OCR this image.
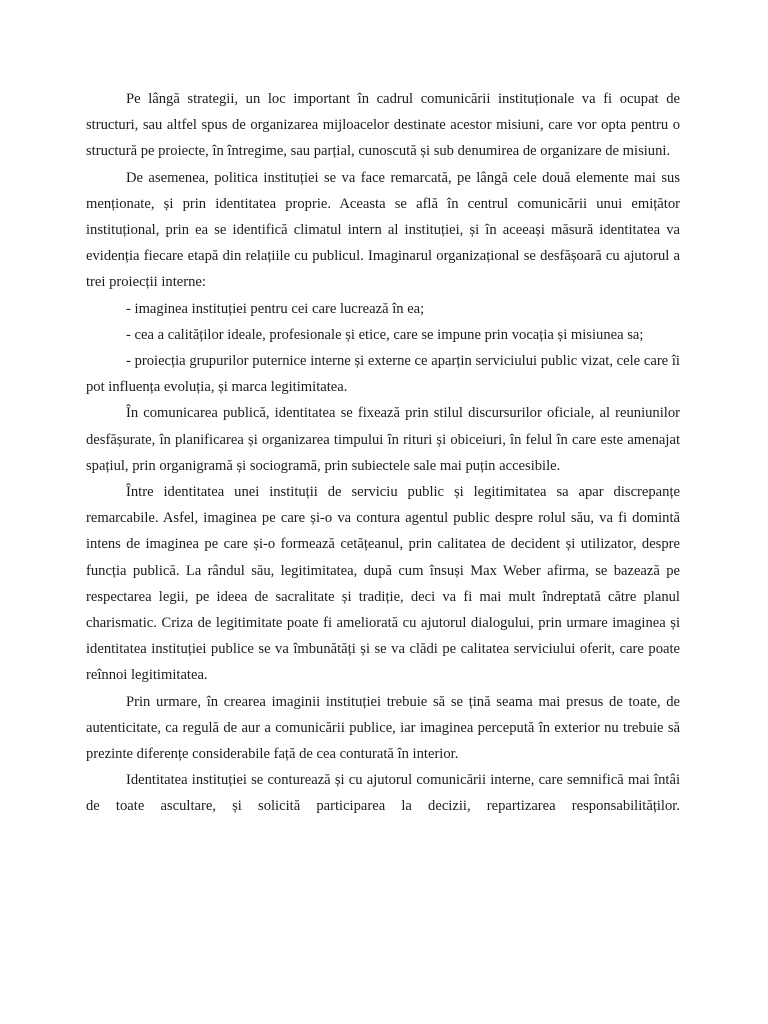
Pe lângă strategii, un loc important în cadrul comunicării instituționale va fi ocupat de structuri, sau altfel spus de organizarea mijloacelor destinate acestor misiuni, care vor opta pentru o structură pe proiecte, în întregime, sau parțial, cunoscută și sub denumirea de organizare de misiuni.

De asemenea, politica instituției se va face remarcată, pe lângă cele două elemente mai sus menționate, și prin identitatea proprie. Aceasta se află în centrul comunicării unui emițător instituțional, prin ea se identifică climatul intern al instituției, și în aceeași măsură identitatea va evidenția fiecare etapă din relațiile cu publicul. Imaginarul organizațional se desfășoară cu ajutorul a trei proiecții interne:

- imaginea instituției pentru cei care lucrează în ea;

- cea a calităților ideale, profesionale și etice, care se impune prin vocația și misiunea sa;

- proiecția grupurilor puternice interne și externe ce aparțin serviciului public vizat, cele care îi pot influența evoluția, și marca legitimitatea.

În comunicarea publică, identitatea se fixează prin stilul discursurilor oficiale, al reuniunilor desfășurate, în planificarea și organizarea timpului în rituri și obiceiuri, în felul în care este amenajat spațiul, prin organigramă și sociogramă, prin subiectele sale mai puțin accesibile.

Între identitatea unei instituții de serviciu public și legitimitatea sa apar discrepanțe remarcabile. Asfel, imaginea pe care și-o va contura agentul public despre rolul său, va fi domintă intens de imaginea pe care și-o formează cetățeanul, prin calitatea de decident și utilizator, despre funcția publică. La rândul său, legitimitatea, după cum însuși Max Weber afirma, se bazează pe respectarea legii, pe ideea de sacralitate și tradiție, deci va fi mai mult îndreptată către planul charismatic. Criza de legitimitate poate fi ameliorată cu ajutorul dialogului, prin urmare imaginea și identitatea instituției publice se va îmbunătăți și se va clădi pe calitatea serviciului oferit, care poate reînnoi legitimitatea.

Prin urmare, în crearea imaginii instituției trebuie să se țină seama mai presus de toate, de autenticitate, ca regulă de aur a comunicării publice, iar imaginea percepută în exterior nu trebuie să prezinte diferențe considerabile față de cea conturată în interior.

Identitatea instituției se conturează și cu ajutorul comunicării interne, care semnifică mai întâi de toate ascultare, și solicită participarea la decizii, repartizarea responsabilităților.
